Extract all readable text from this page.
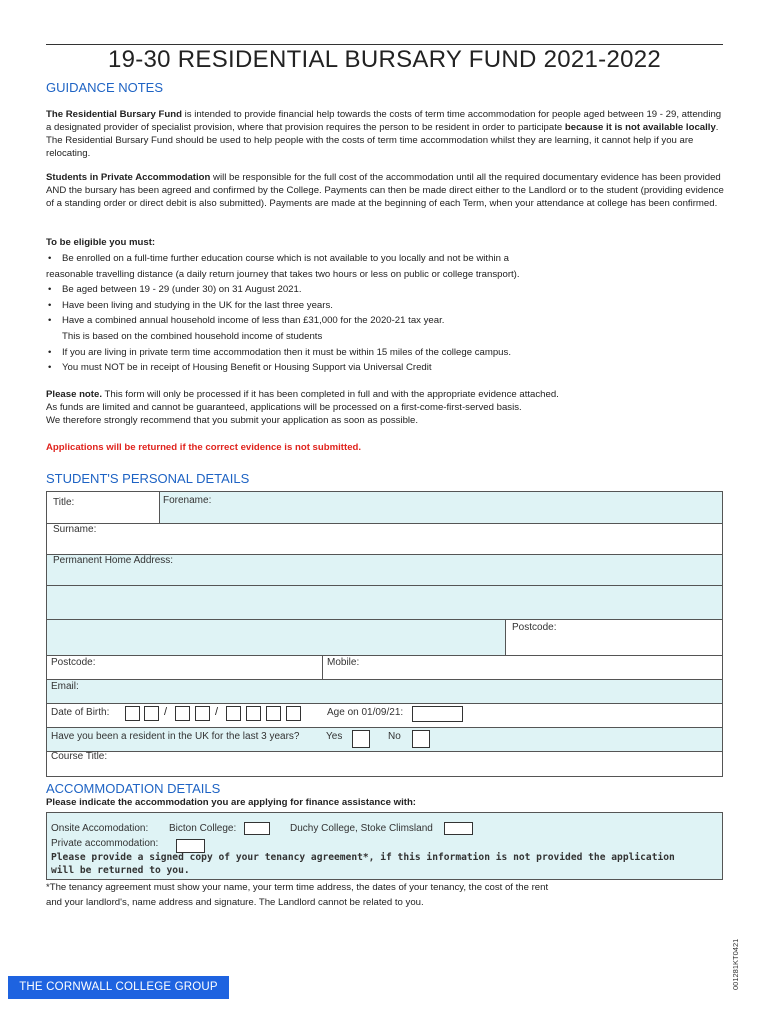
19-30 RESIDENTIAL BURSARY FUND 2021-2022
GUIDANCE NOTES

The Residential Bursary Fund is intended to provide financial help towards the costs of term time accommodation for people aged between 19 - 29, attending a designated provider of specialist provision, where that provision requires the person to be resident in order to participate because it is not available locally. The Residential Bursary Fund should be used to help people with the costs of term time accommodation whilst they are learning, it cannot help if you are relocating.

Students in Private Accommodation will be responsible for the full cost of the accommodation until all the required documentary evidence has been provided AND the bursary has been agreed and confirmed by the College. Payments can then be made direct either to the Landlord or to the student (providing evidence of a standing order or direct debit is also submitted). Payments are made at the beginning of each Term, when your attendance at college has been confirmed.

To be eligible you must:

• Be enrolled on a full-time further education course which is not available to you locally and not be within a
reasonable travelling distance (a daily return journey that takes two hours or less on public or college transport).
• Be aged between 19 - 29 (under 30) on 31 August 2021.
• Have been living and studying in the UK for the last three years.
• Have a combined annual household income of less than £31,000 for the 2020-21 tax year.
This is based on the combined household income of students
• If you are living in private term time accommodation then it must be within 15 miles of the college campus.
• You must NOT be in receipt of Housing Benefit or Housing Support via Universal Credit

Please note. This form will only be processed if it has been completed in full and with the appropriate evidence attached.
As funds are limited and cannot be guaranteed, applications will be processed on a first-come-first-served basis.
We therefore strongly recommend that you submit your application as soon as possible.

Applications will be returned if the correct evidence is not submitted.

STUDENT'S PERSONAL DETAILS
Title:	Forename:
Surname:
Permanent Home Address:
Postcode:
Postcode:	Mobile:
Email:
Date of Birth:	/	/	Age on 01/09/21:
Have you been a resident in the UK for the last 3 years?	Yes	No
Course Title:
ACCOMMODATION DETAILS
Please indicate the accommodation you are applying for finance assistance with:
Onsite Accomodation: Bicton College:	Duchy College, Stoke Climsland
Private accommodation:
Please provide a signed copy of your tenancy agreement*, if this information is not provided the application
will be returned to you.
*The tenancy agreement must show your name, your term time address, the dates of your tenancy, the cost of the rent
and your landlord's, name address and signature. The Landlord cannot be related to you.
001281KT0421
THE CORNWALL COLLEGE GROUP
